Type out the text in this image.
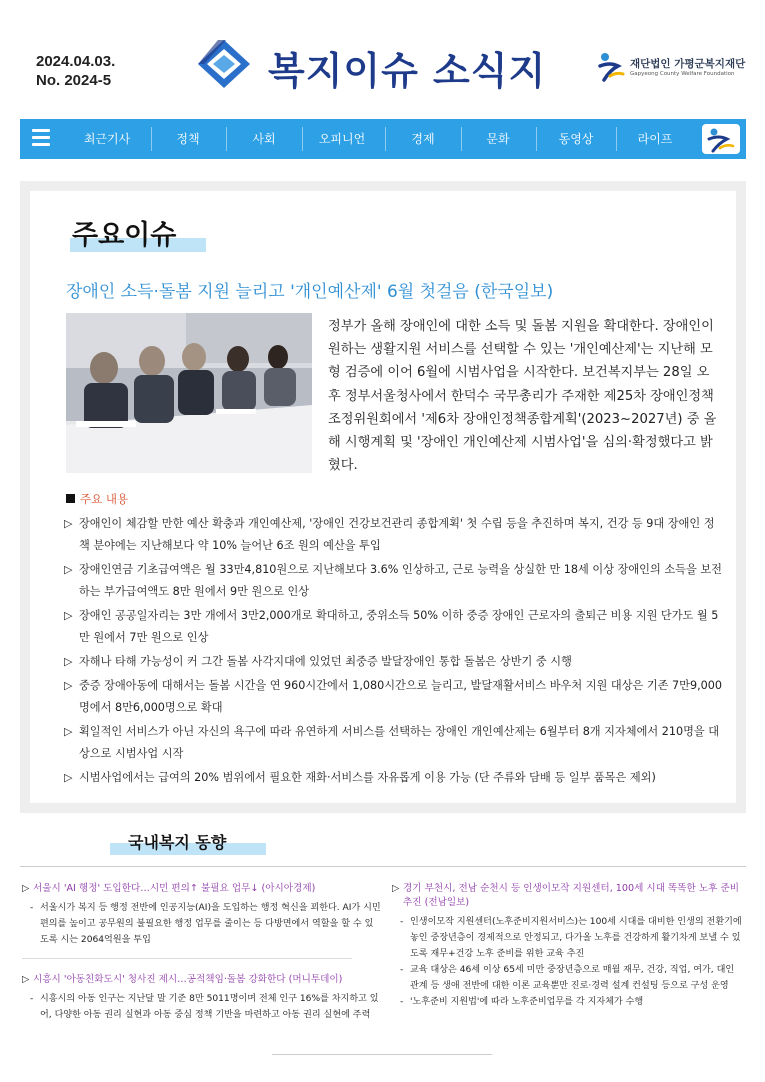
2024.04.03.
No. 2024-5	복지이슈 소식지	재단법인 가평군복지재단
Gapyeong County Welfare Foundation
최근기사	정책	사회	오피니언	경제	문화	동영상	라이프
주요이슈
장애인 소득·돌봄 지원 늘리고 '개인예산제' 6월 첫걸음 (한국일보)
정부가 올해 장애인에 대한 소득 및 돌봄 지원을 확대한다. 장애인이 원하는 생활지원 서비스를 선택할 수 있는 '개인예산제'는 지난해 모형 검증에 이어 6월에 시범사업을 시작한다. 보건복지부는 28일 오후 정부서울청사에서 한덕수 국무총리가 주재한 제25차 장애인정책조정위원회에서 '제6차 장애인정책종합계획'(2023~2027년) 중 올해 시행계획 및 '장애인 개인예산제 시범사업'을 심의·확정했다고 밝혔다.
주요 내용
▷ 장애인이 체감할 만한 예산 확충과 개인예산제, '장애인 건강보건관리 종합계획' 첫 수립 등을 추진하며 복지, 건강 등 9대 장애인 정책 분야에는 지난해보다 약 10% 늘어난 6조 원의 예산을 투입
▷ 장애인연금 기초급여액은 월 33만4,810원으로 지난해보다 3.6% 인상하고, 근로 능력을 상실한 만 18세 이상 장애인의 소득을 보전하는 부가급여액도 8만 원에서 9만 원으로 인상
▷ 장애인 공공일자리는 3만 개에서 3만2,000개로 확대하고, 중위소득 50% 이하 중증 장애인 근로자의 출퇴근 비용 지원 단가도 월 5만 원에서 7만 원으로 인상
▷ 자해나 타해 가능성이 커 그간 돌봄 사각지대에 있었던 최중증 발달장애인 통합 돌봄은 상반기 중 시행
▷ 중증 장애아동에 대해서는 돌봄 시간을 연 960시간에서 1,080시간으로 늘리고, 발달재활서비스 바우처 지원 대상은 기존 7만9,000명에서 8만6,000명으로 확대
▷ 획일적인 서비스가 아닌 자신의 욕구에 따라 유연하게 서비스를 선택하는 장애인 개인예산제는 6월부터 8개 지자체에서 210명을 대상으로 시범사업 시작
▷ 시범사업에서는 급여의 20% 범위에서 필요한 재화·서비스를 자유롭게 이용 가능 (단 주류와 담배 등 일부 품목은 제외)
국내복지 동향
▷ 서울시 'AI 행정' 도입한다…시민 편의↑ 불필요 업무↓ (아시아경제)
- 서울시가 복지 등 행정 전반에 인공지능(AI)을 도입하는 행정 혁신을 꾀한다. AI가 시민 편의를 높이고 공무원의 불필요한 행정 업무를 줄이는 등 다방면에서 역할을 할 수 있도록 시는 2064억원을 투입
▷ 시흥시 '아동친화도시' 청사진 제시…공적책임·돌봄 강화한다 (머니투데이)
- 시흥시의 아동 인구는 지난달 말 기준 8만 5011명이며 전체 인구 16%를 차지하고 있어, 다양한 아동 권리 실현과 아동 중심 정책 기반을 마련하고 아동 권리 실현에 주력
▷ 경기 부천시, 전남 순천시 등 인생이모작 지원센터, 100세 시대 똑똑한 노후 준비 추진 (전남일보)
- 인생이모작 지원센터(노후준비지원서비스)는 100세 시대를 대비한 인생의 전환기에 놓인 중장년층이 경제적으로 안정되고, 다가올 노후를 건강하게 활기차게 보낼 수 있도록 재무+건강 노후 준비를 위한 교육 추진
- 교육 대상은 46세 이상 65세 미만 중장년층으로 매월 재무, 건강, 직업, 여가, 대인관계 등 생애 전반에 대한 이론 교육뿐만 진로·경력 설계 컨설팅 등으로 구성 운영
- '노후준비 지원법'에 따라 노후준비업무를 각 지자체가 수행
